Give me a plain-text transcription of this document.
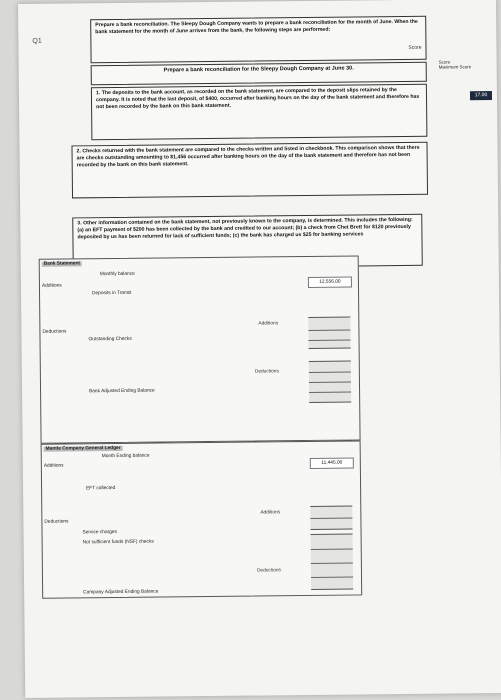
Q1
Score Maximum Score
17.00

Prepare a bank reconciliation. The Sleepy Dough Company wants to prepare a bank reconciliation for the month of June. When the bank statement for the month of June arrives from the bank, the following steps are performed:

Score

Prepare a bank reconciliation for the Sleepy Dough Company at June 30.

1. The deposits to the bank account, as recorded on the bank statement, are compared to the deposit slips retained by the company. It is noted that the last deposit, of $400, occurred after banking hours on the day of the bank statement and therefore has not been recorded by the bank on this bank statement.

2. Checks returned with the bank statement are compared to the checks written and listed in checkbook. This comparison shows that there are checks outstanding amounting to $1,456 occurred after banking hours on the day of the bank statement and therefore has not been recorded by the bank on this bank statement.

3. Other information contained on the bank statement, not previously known to the company, is determined. This includes the following: (a) an EFT payment of $200 has been collected by the bank and credited to our account; (b) a check from Chet Brett for $120 previously deposited by us has been returned for lack of sufficient funds; (c) the bank has charged us $25 for banking services

Bank Statement
Monthly balance
Additions
Deposits in Transit
Deductions
Outstanding Checks
Bank Adjusted Ending Balance
12,556.00
Additions
Deductions
Mantle Company General Ledger
Month Ending balance
Additions
EFT collected
Deductions
Service charges
Not sufficient funds (NSF) checks
Company Adjusted Ending Balance
11,445.00
Additions
Deductions
